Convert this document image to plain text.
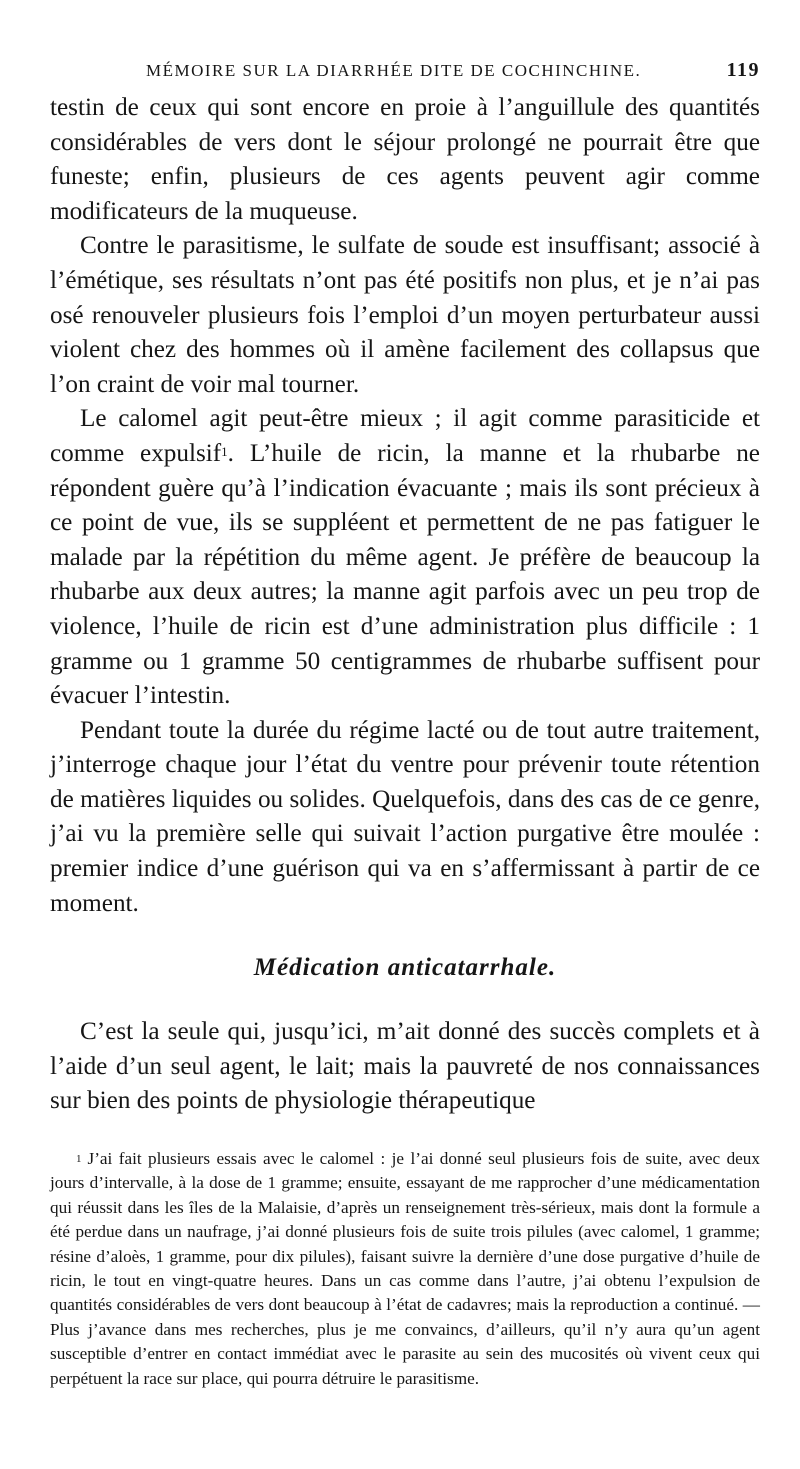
MÉMOIRE SUR LA DIARRHÉE DITE DE COCHINCHINE.	119

testin de ceux qui sont encore en proie à l’anguillule des quantités considérables de vers dont le séjour prolongé ne pourrait être que funeste; enfin, plusieurs de ces agents peuvent agir comme modificateurs de la muqueuse.

Contre le parasitisme, le sulfate de soude est insuffisant; associé à l’émétique, ses résultats n’ont pas été positifs non plus, et je n’ai pas osé renouveler plusieurs fois l’emploi d’un moyen perturbateur aussi violent chez des hommes où il amène facilement des collapsus que l’on craint de voir mal tourner.

Le calomel agit peut-être mieux ; il agit comme parasiticide et comme expulsif$^1$. L’huile de ricin, la manne et la rhubarbe ne répondent guère qu’à l’indication évacuante ; mais ils sont précieux à ce point de vue, ils se suppléent et permettent de ne pas fatiguer le malade par la répétition du même agent. Je préfère de beaucoup la rhubarbe aux deux autres; la manne agit parfois avec un peu trop de violence, l’huile de ricin est d’une administration plus difficile : 1 gramme ou 1 gramme 50 centigrammes de rhubarbe suffisent pour évacuer l’intestin.

Pendant toute la durée du régime lacté ou de tout autre traitement, j’interroge chaque jour l’état du ventre pour prévenir toute rétention de matières liquides ou solides. Quelquefois, dans des cas de ce genre, j’ai vu la première selle qui suivait l’action purgative être moulée : premier indice d’une guérison qui va en s’affermissant à partir de ce moment.

Médication anticatarrhale.

C’est la seule qui, jusqu’ici, m’ait donné des succès complets et à l’aide d’un seul agent, le lait; mais la pauvreté de nos connaissances sur bien des points de physiologie thérapeutique

$^1$ J’ai fait plusieurs essais avec le calomel : je l’ai donné seul plusieurs fois de suite, avec deux jours d’intervalle, à la dose de 1 gramme; ensuite, essayant de me rapprocher d’une médicamentation qui réussit dans les îles de la Malaisie, d’après un renseignement très-sérieux, mais dont la formule a été perdue dans un naufrage, j’ai donné plusieurs fois de suite trois pilules (avec calomel, 1 gramme; résine d’aloès, 1 gramme, pour dix pilules), faisant suivre la dernière d’une dose purgative d’huile de ricin, le tout en vingt-quatre heures. Dans un cas comme dans l’autre, j’ai obtenu l’expulsion de quantités considérables de vers dont beaucoup à l’état de cadavres; mais la reproduction a continué. — Plus j’avance dans mes recherches, plus je me convaincs, d’ailleurs, qu’il n’y aura qu’un agent susceptible d’entrer en contact immédiat avec le parasite au sein des mucosités où vivent ceux qui perpétuent la race sur place, qui pourra détruire le parasitisme.
